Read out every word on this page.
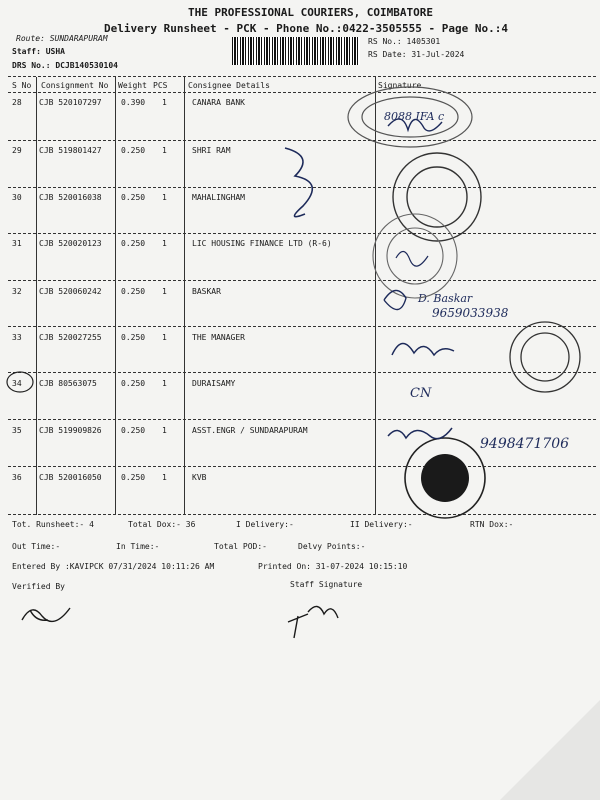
THE PROFESSIONAL COURIERS, COIMBATORE
Delivery Runsheet - PCK - Phone No.:0422-3505555 - Page No.:4
Route: SUNDARAPURAM
Staff: USHA
DRS No.: DCJB140530104
RS No.: 1405301
RS Date: 31-Jul-2024
S No Consignment No Weight PCS	Consignee Details	Signature
28 CJB 520107297 0.390 1	CANARA BANK
29 CJB 519801427 0.250 1	SHRI RAM
30 CJB 520016038 0.250 1	MAHALINGHAM
31 CJB 520020123 0.250 1	LIC HOUSING FINANCE LTD (R-6)
32 CJB 520060242 0.250 1	BASKAR
33 CJB 520027255 0.250 1	THE MANAGER
34 CJB 80563075	0.250 1	DURAISAMY
35 CJB 519909826 0.250 1	ASST.ENGR / SUNDARAPURAM
36 CJB 520016050 0.250 1	KVB
Tot. Runsheet:- 4	Total Dox:- 36	I Delivery:-	II Delivery:-	RTN Dox:-
Out Time:-	In Time:-	Total POD:-	Delvy Points:-
Entered By :KAVIPCK 07/31/2024 10:11:26 AM	Printed On: 31-07-2024 10:15:10
Verified By	Staff Signature
8088 IFA c
D. Baskar
9659033938
CN
9498471706
